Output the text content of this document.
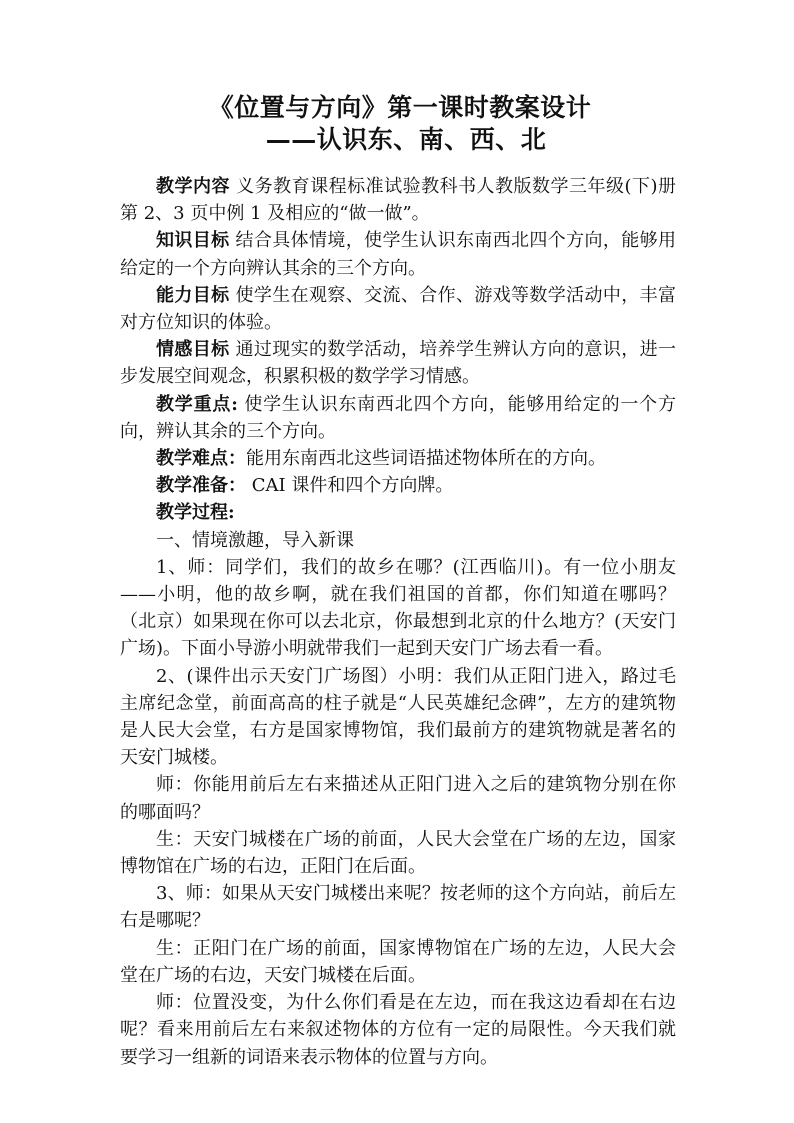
《位置与方向》第一课时教案设计
——认识东、南、西、北

教学内容 义务教育课程标准试验教科书人教版数学三年级(下)册第 2、3 页中例 1 及相应的“做一做”。

知识目标 结合具体情境，使学生认识东南西北四个方向，能够用给定的一个方向辨认其余的三个方向。

能力目标 使学生在观察、交流、合作、游戏等数学活动中，丰富对方位知识的体验。

情感目标 通过现实的数学活动，培养学生辨认方向的意识，进一步发展空间观念，积累积极的数学学习情感。

教学重点: 使学生认识东南西北四个方向，能够用给定的一个方向，辨认其余的三个方向。

教学难点：能用东南西北这些词语描述物体所在的方向。

教学准备： CAI 课件和四个方向牌。

教学过程:

一、情境激趣，导入新课

1、师：同学们，我们的故乡在哪？(江西临川)。有一位小朋友——小明，他的故乡啊，就在我们祖国的首都，你们知道在哪吗？（北京）如果现在你可以去北京，你最想到北京的什么地方？(天安门广场)。下面小导游小明就带我们一起到天安门广场去看一看。

2、(课件出示天安门广场图）小明：我们从正阳门进入，路过毛主席纪念堂，前面高高的柱子就是“人民英雄纪念碑”，左方的建筑物是人民大会堂，右方是国家博物馆，我们最前方的建筑物就是著名的天安门城楼。

师：你能用前后左右来描述从正阳门进入之后的建筑物分别在你的哪面吗？

生：天安门城楼在广场的前面，人民大会堂在广场的左边，国家博物馆在广场的右边，正阳门在后面。

3、师：如果从天安门城楼出来呢？按老师的这个方向站，前后左右是哪呢？

生：正阳门在广场的前面，国家博物馆在广场的左边，人民大会堂在广场的右边，天安门城楼在后面。

师：位置没变，为什么你们看是在左边，而在我这边看却在右边呢？看来用前后左右来叙述物体的方位有一定的局限性。今天我们就要学习一组新的词语来表示物体的位置与方向。
